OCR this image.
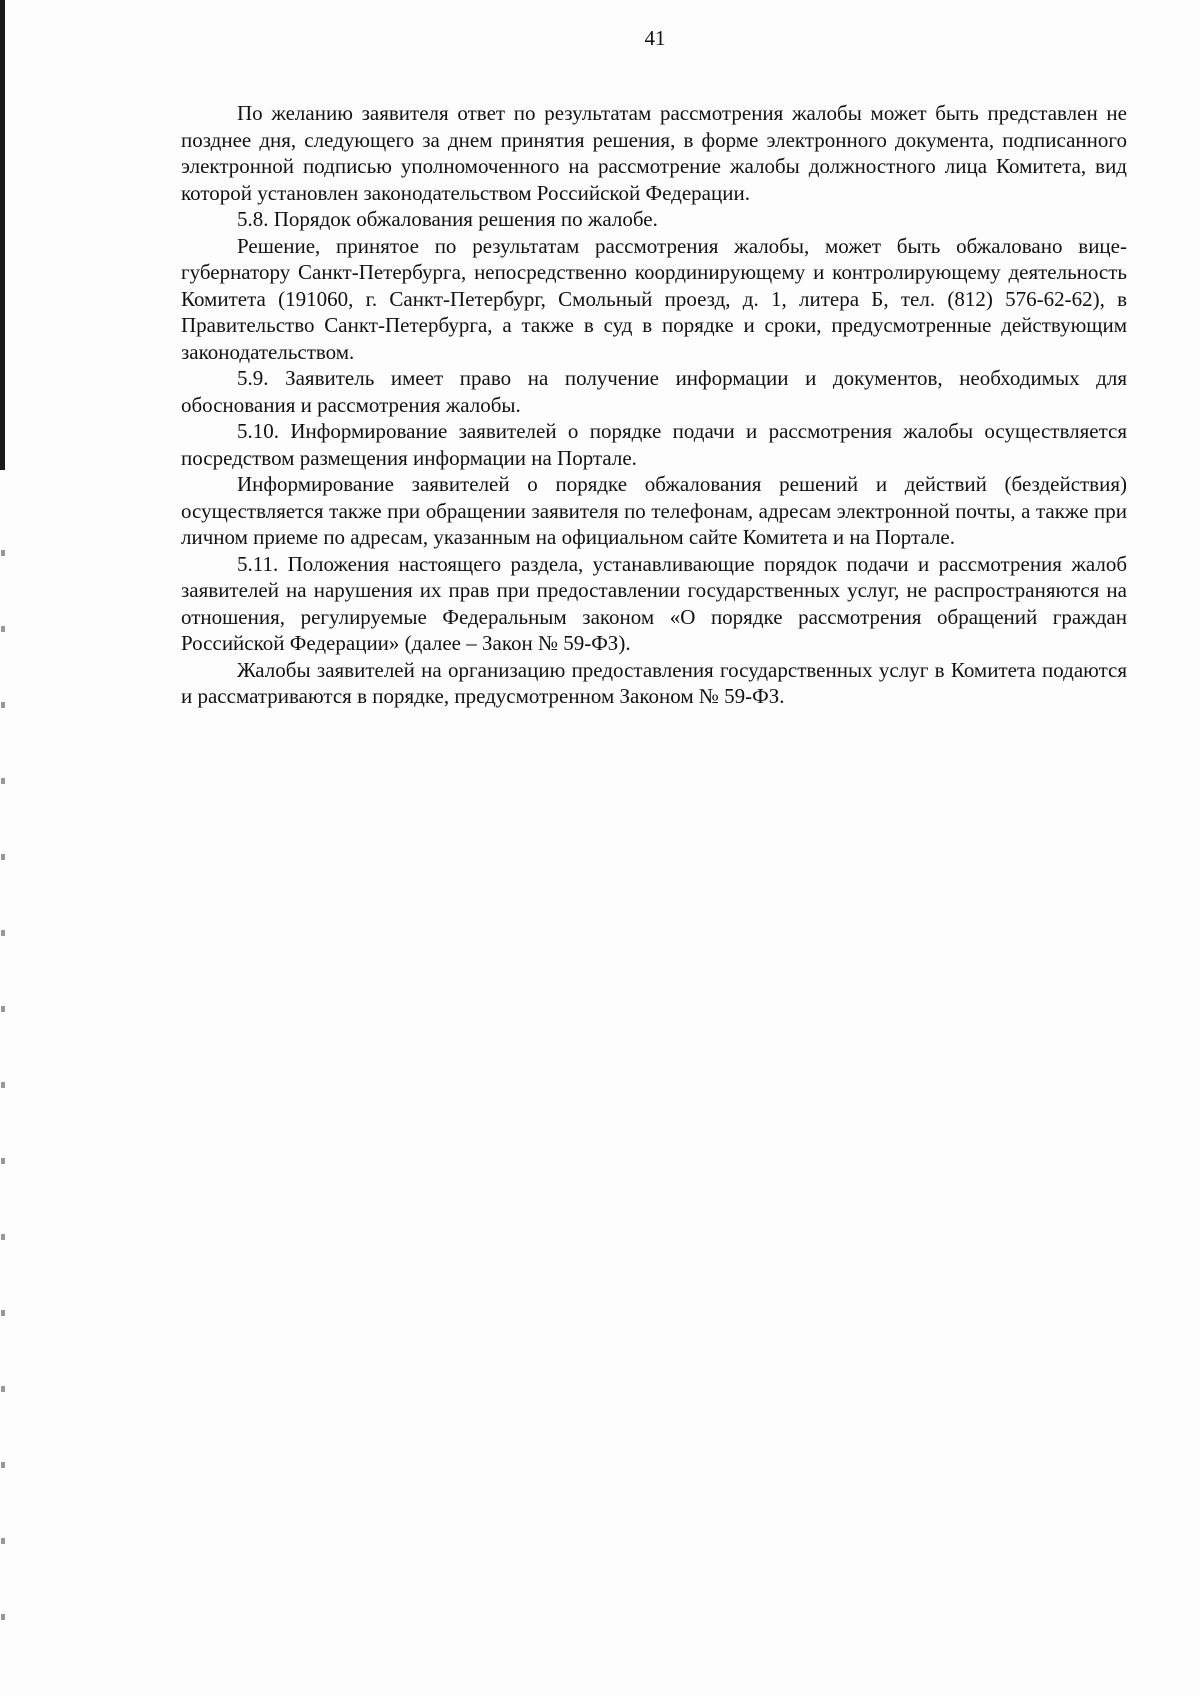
41

По желанию заявителя ответ по результатам рассмотрения жалобы может быть представлен не позднее дня, следующего за днем принятия решения, в форме электронного документа, подписанного электронной подписью уполномоченного на рассмотрение жалобы должностного лица Комитета, вид которой установлен законодательством Российской Федерации.

5.8. Порядок обжалования решения по жалобе.

Решение, принятое по результатам рассмотрения жалобы, может быть обжаловано вице-губернатору Санкт-Петербурга, непосредственно координирующему и контролирующему деятельность Комитета (191060, г. Санкт-Петербург, Смольный проезд, д. 1, литера Б, тел. (812) 576-62-62), в Правительство Санкт-Петербурга, а также в суд в порядке и сроки, предусмотренные действующим законодательством.

5.9. Заявитель имеет право на получение информации и документов, необходимых для обоснования и рассмотрения жалобы.

5.10. Информирование заявителей о порядке подачи и рассмотрения жалобы осуществляется посредством размещения информации на Портале.

Информирование заявителей о порядке обжалования решений и действий (бездействия) осуществляется также при обращении заявителя по телефонам, адресам электронной почты, а также при личном приеме по адресам, указанным на официальном сайте Комитета и на Портале.

5.11. Положения настоящего раздела, устанавливающие порядок подачи и рассмотрения жалоб заявителей на нарушения их прав при предоставлении государственных услуг, не распространяются на отношения, регулируемые Федеральным законом «О порядке рассмотрения обращений граждан Российской Федерации» (далее – Закон № 59-ФЗ).

Жалобы заявителей на организацию предоставления государственных услуг в Комитета подаются и рассматриваются в порядке, предусмотренном Законом № 59-ФЗ.
